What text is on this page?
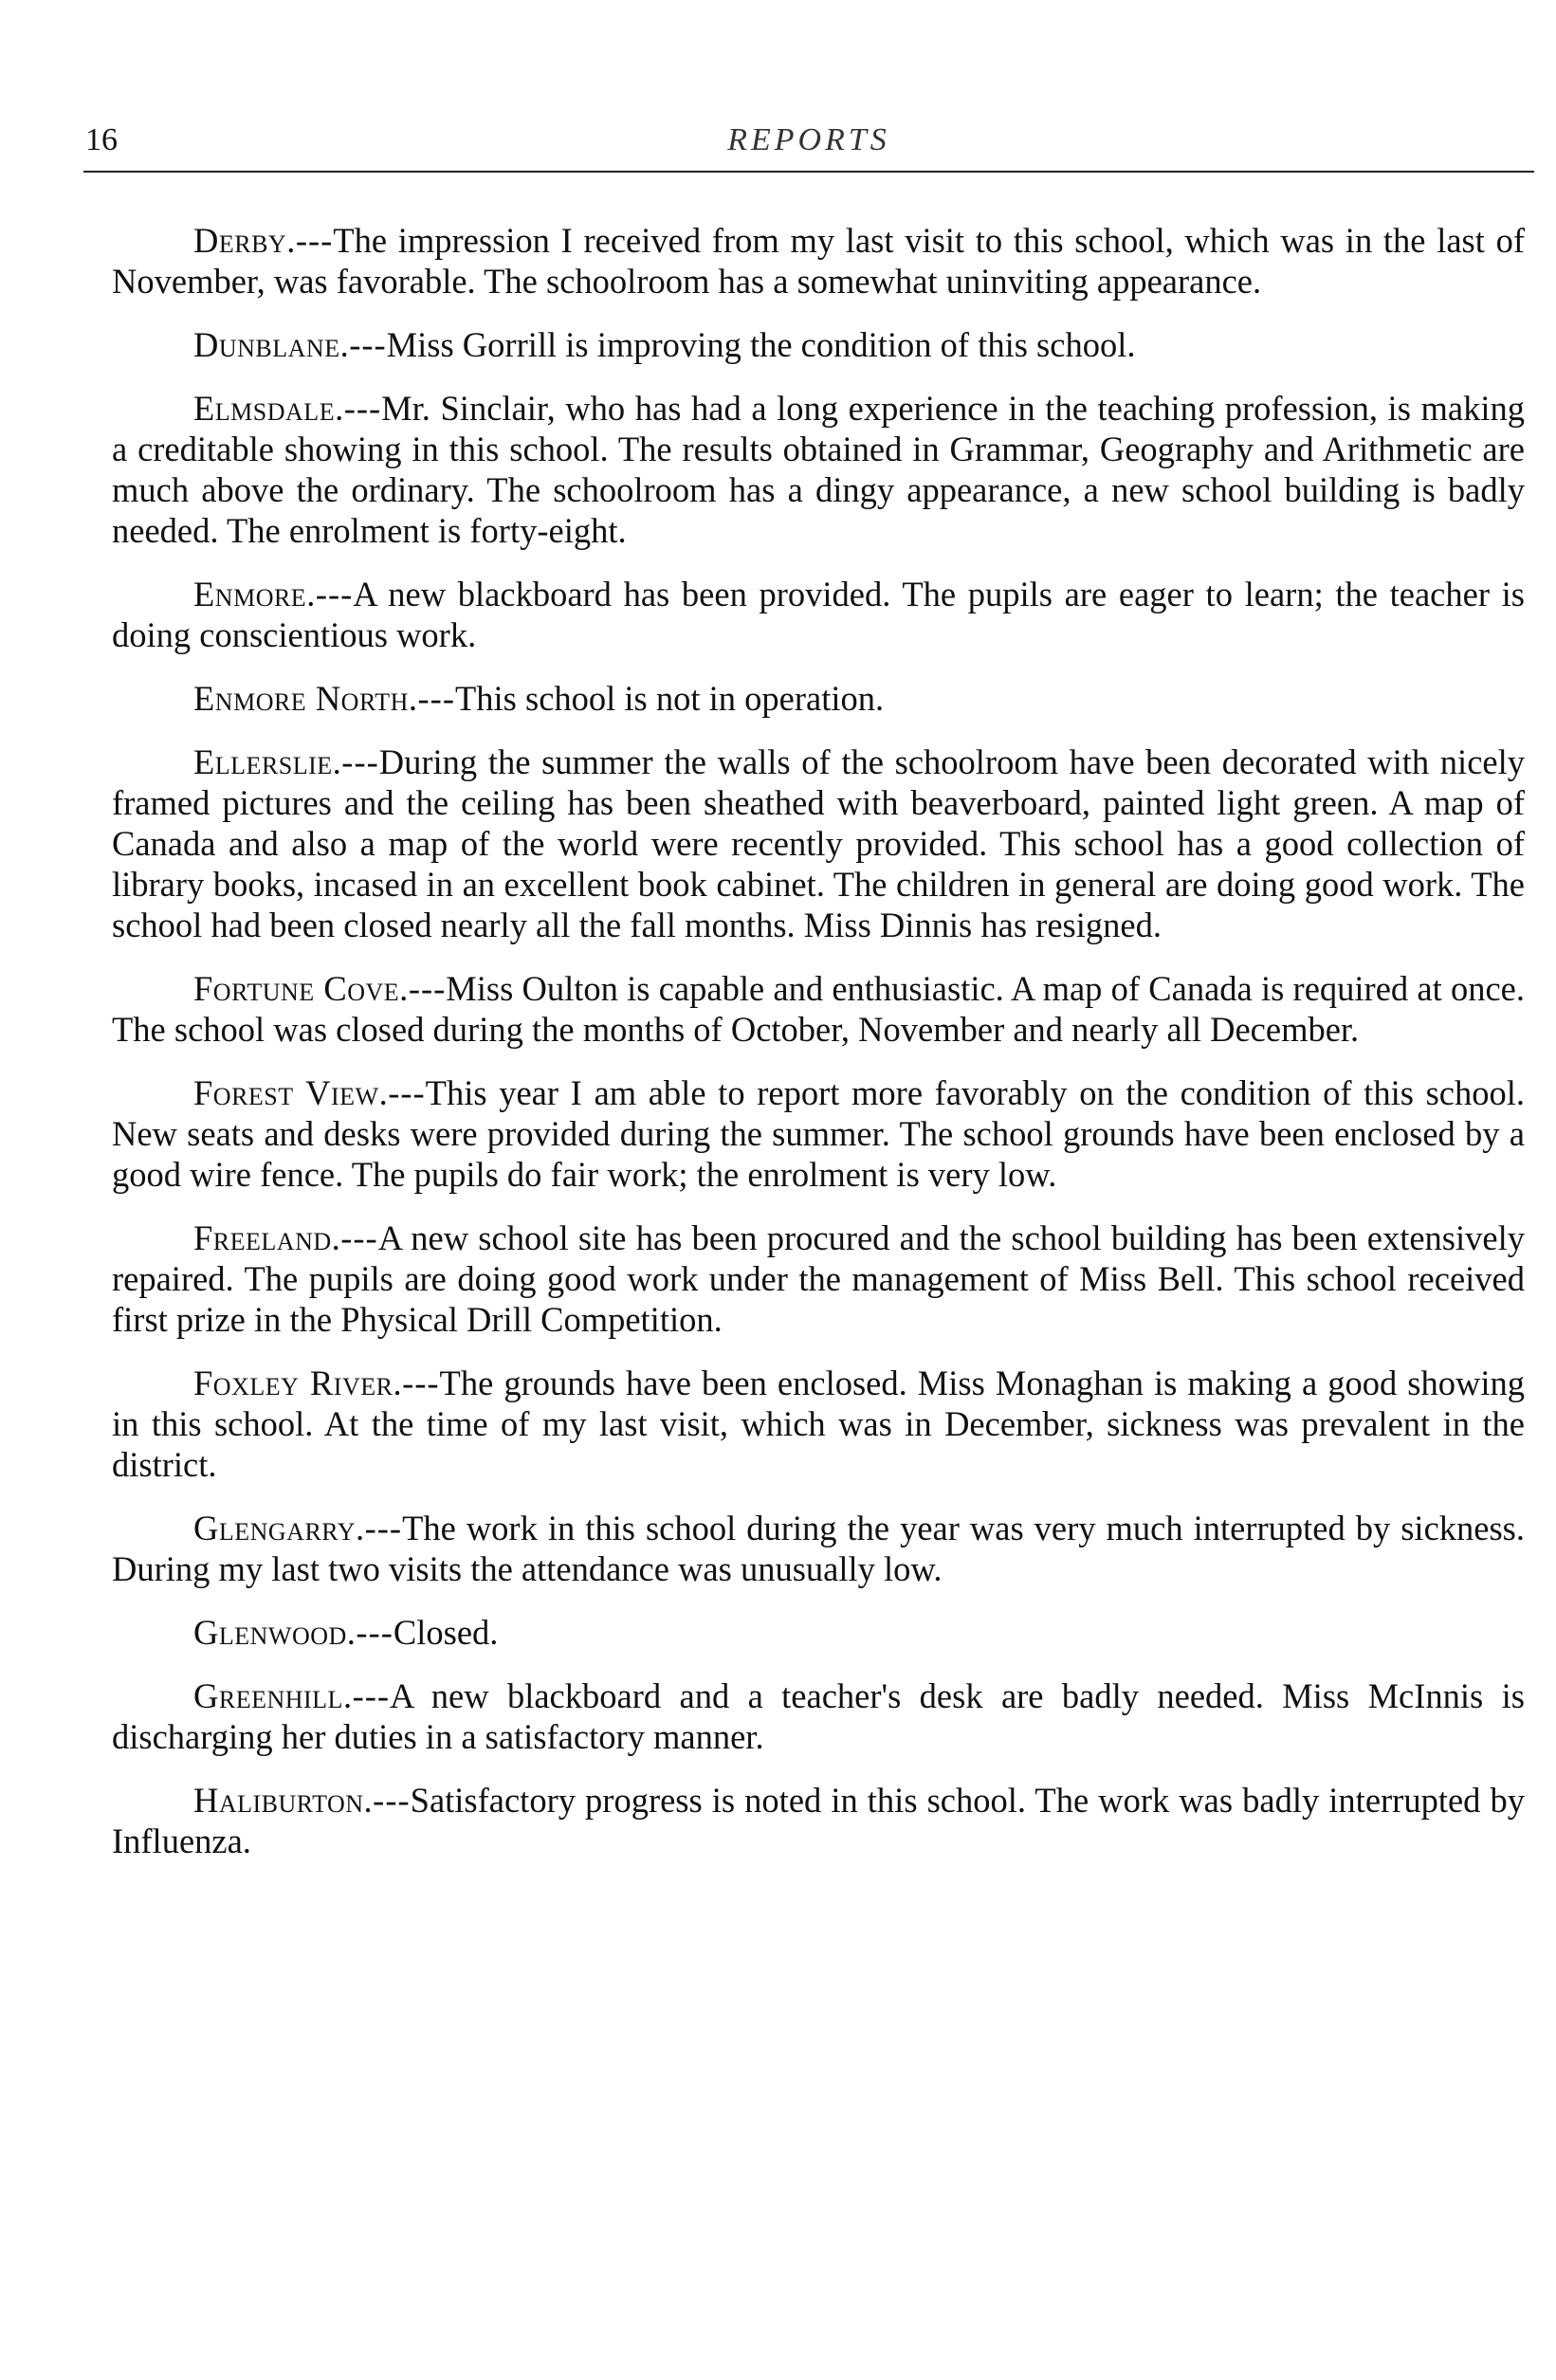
16	REPORTS

Derby.---The impression I received from my last visit to this school, which was in the last of November, was favorable. The schoolroom has a somewhat uninviting appearance.

Dunblane.---Miss Gorrill is improving the condition of this school.

Elmsdale.---Mr. Sinclair, who has had a long experience in the teaching profession, is making a creditable showing in this school. The results obtained in Grammar, Geography and Arithmetic are much above the ordinary. The schoolroom has a dingy appearance, a new school building is badly needed. The enrolment is forty-eight.

Enmore.---A new blackboard has been provided. The pupils are eager to learn; the teacher is doing conscientious work.

Enmore North.---This school is not in operation.

Ellerslie.---During the summer the walls of the schoolroom have been decorated with nicely framed pictures and the ceiling has been sheathed with beaverboard, painted light green. A map of Canada and also a map of the world were recently provided. This school has a good collection of library books, incased in an excellent book cabinet. The children in general are doing good work. The school had been closed nearly all the fall months. Miss Dinnis has resigned.

Fortune Cove.---Miss Oulton is capable and enthusiastic. A map of Canada is required at once. The school was closed during the months of October, November and nearly all December.

Forest View.---This year I am able to report more favorably on the condition of this school. New seats and desks were provided during the summer. The school grounds have been enclosed by a good wire fence. The pupils do fair work; the enrolment is very low.

Freeland.---A new school site has been procured and the school building has been extensively repaired. The pupils are doing good work under the management of Miss Bell. This school received first prize in the Physical Drill Competition.

Foxley River.---The grounds have been enclosed. Miss Monaghan is making a good showing in this school. At the time of my last visit, which was in December, sickness was prevalent in the district.

Glengarry.---The work in this school during the year was very much interrupted by sickness. During my last two visits the attendance was unusually low.

Glenwood.---Closed.

Greenhill.---A new blackboard and a teacher's desk are badly needed. Miss McInnis is discharging her duties in a satisfactory manner.

Haliburton.---Satisfactory progress is noted in this school. The work was badly interrupted by Influenza.
